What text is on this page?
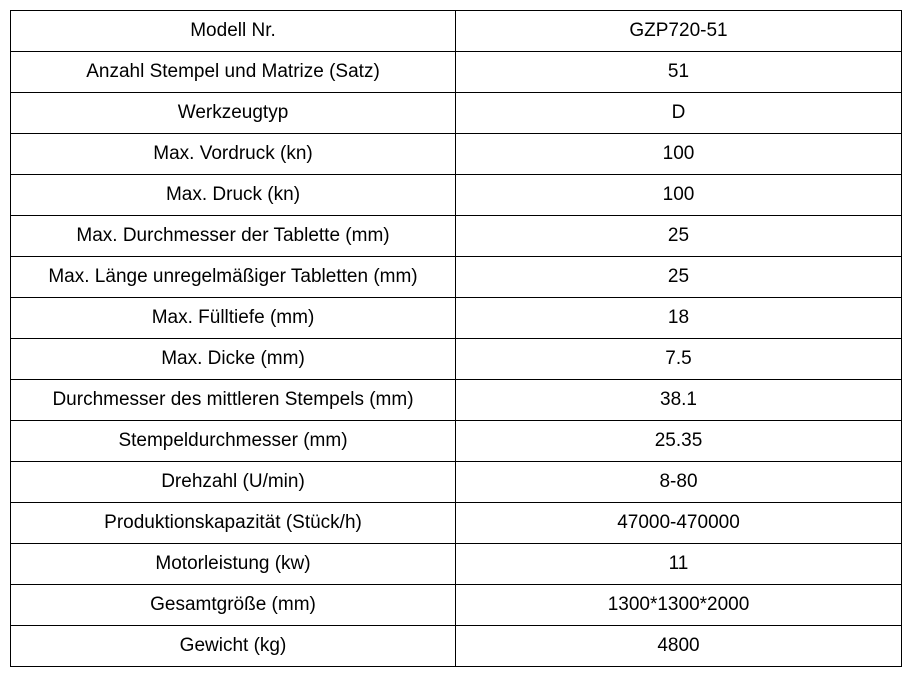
Modell Nr.	GZP720-51
Anzahl Stempel und Matrize (Satz)	51
Werkzeugtyp	D
Max. Vordruck (kn)	100
Max. Druck (kn)	100
Max. Durchmesser der Tablette (mm)	25
Max. Länge unregelmäßiger Tabletten (mm)	25
Max. Fülltiefe (mm)	18
Max. Dicke (mm)	7.5
Durchmesser des mittleren Stempels (mm)	38.1
Stempeldurchmesser (mm)	25.35
Drehzahl (U/min)	8-80
Produktionskapazität (Stück/h)	47000-470000
Motorleistung (kw)	11
Gesamtgröße (mm)	1300*1300*2000
Gewicht (kg)	4800
